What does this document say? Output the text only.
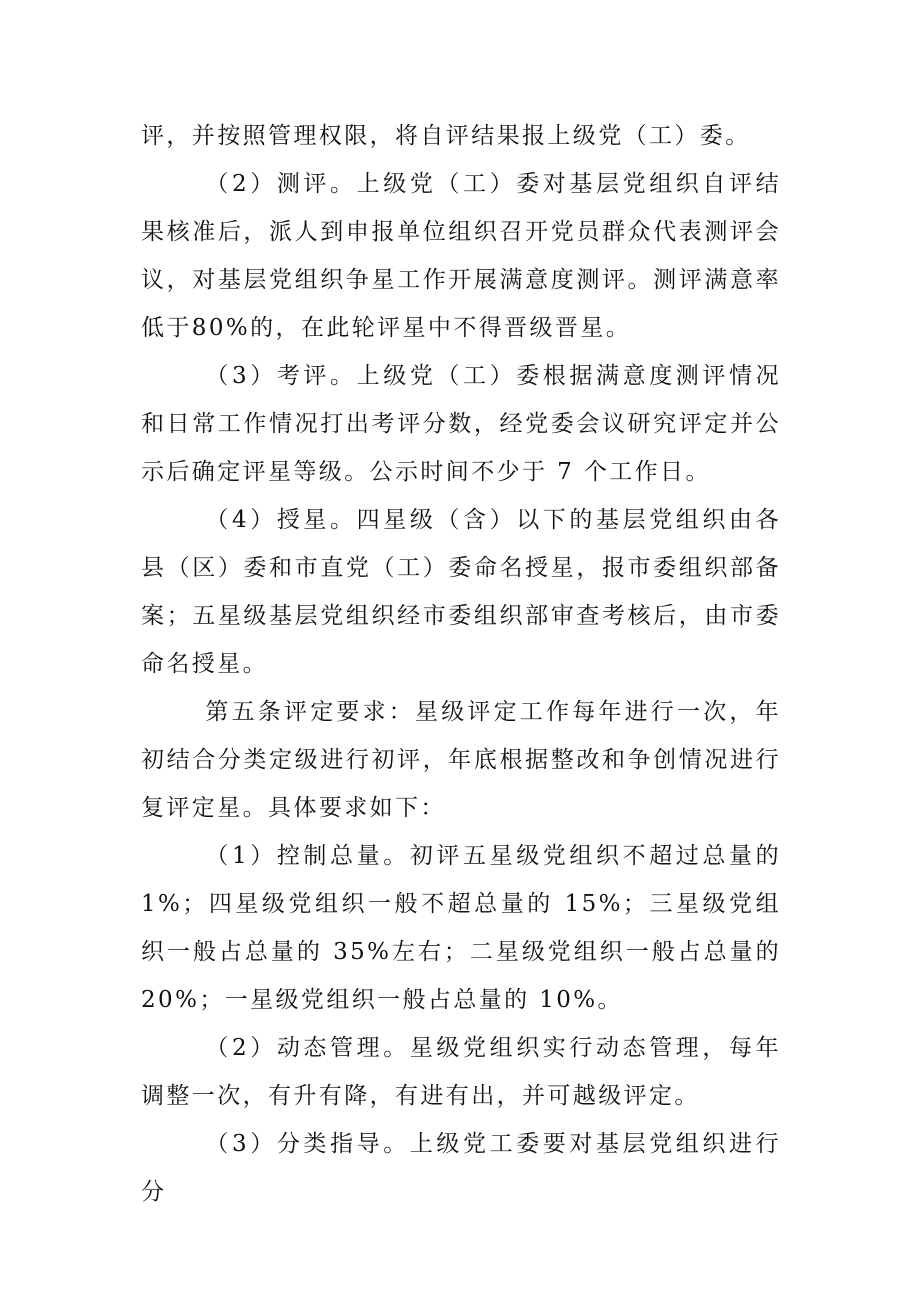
评，并按照管理权限，将自评结果报上级党（工）委。

（2）测评。上级党（工）委对基层党组织自评结果核准后，派人到申报单位组织召开党员群众代表测评会议，对基层党组织争星工作开展满意度测评。测评满意率低于80%的，在此轮评星中不得晋级晋星。

（3）考评。上级党（工）委根据满意度测评情况和日常工作情况打出考评分数，经党委会议研究评定并公示后确定评星等级。公示时间不少于 7 个工作日。

（4）授星。四星级（含）以下的基层党组织由各县（区）委和市直党（工）委命名授星，报市委组织部备案；五星级基层党组织经市委组织部审查考核后，由市委命名授星。

第五条评定要求：星级评定工作每年进行一次，年初结合分类定级进行初评，年底根据整改和争创情况进行复评定星。具体要求如下：

（1）控制总量。初评五星级党组织不超过总量的 1%；四星级党组织一般不超总量的 15%；三星级党组织一般占总量的 35%左右；二星级党组织一般占总量的 20%；一星级党组织一般占总量的 10%。

（2）动态管理。星级党组织实行动态管理，每年调整一次，有升有降，有进有出，并可越级评定。

（3）分类指导。上级党工委要对基层党组织进行分
